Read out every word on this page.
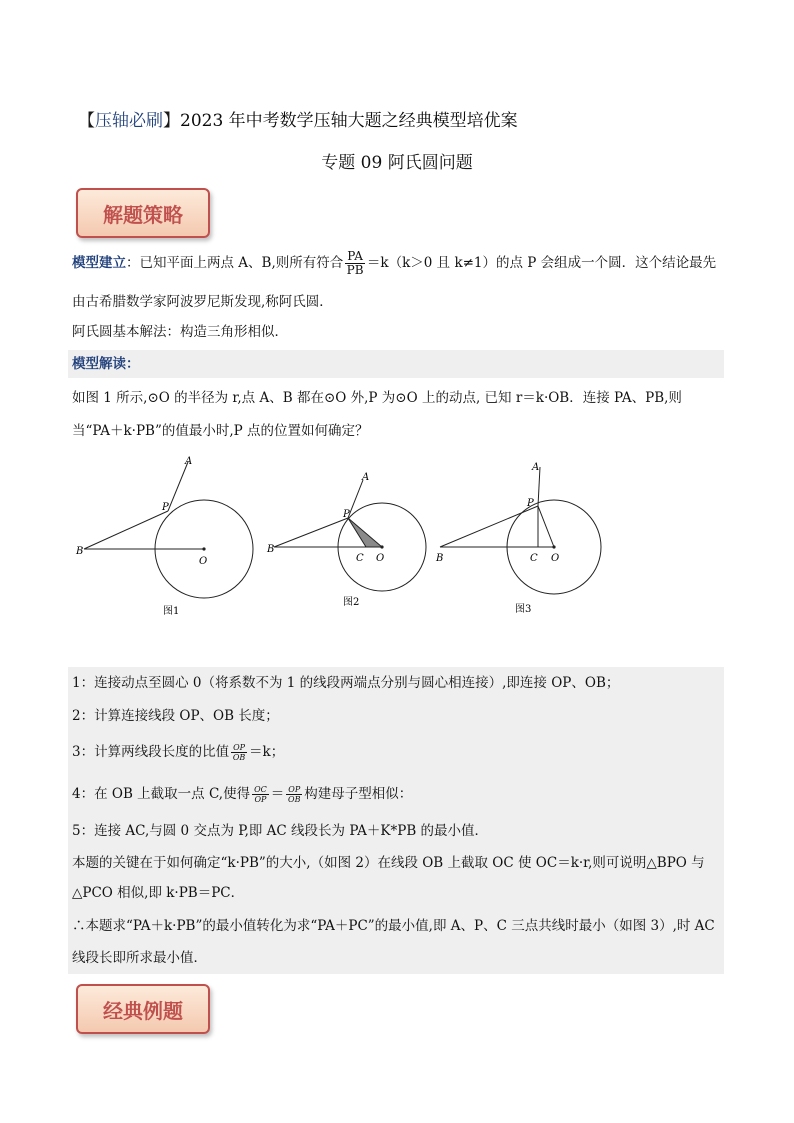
【压轴必刷】2023 年中考数学压轴大题之经典模型培优案
专题 09 阿氏圆问题
解题策略
模型建立：已知平面上两点 A、B,则所有符合 $\frac{PA}{PB} =k(k>0$ 且 k≠1）的点 P 会组成一个圆．这个结论最先
由古希腊数学家阿波罗尼斯发现,称阿氏圆．
阿氏圆基本解法：构造三角形相似．
模型解读：
如图 1 所示,⊙O 的半径为 r,点 A、B 都在⊙O 外,P 为⊙O 上的动点, 已知 r＝k·OB．连接 PA、PB,则
当“PA＋k·PB”的值最小时,P 点的位置如何确定？
A
P
B
O
图1
A
P
B
C O
图2
A
P
B	C O
图3
1：连接动点至圆心 0（将系数不为 1 的线段两端点分别与圆心相连接）,即连接 OP、OB；
2：计算连接线段 OP、OB 长度；
3：计算两线段长度的比值 $\frac{OP}{OB} =k$；
4：在 OB 上截取一点 C,使得 $\frac{OC}{OP} = \frac{OP}{OB}$ 构建母子型相似：
5：连接 AC,与圆 0 交点为 P,即 AC 线段长为 PA＋K*PB 的最小值．
本题的关键在于如何确定“k·PB”的大小,（如图 2）在线段 OB 上截取 OC 使 OC＝k·r,则可说明△BPO 与
△PCO 相似,即 k·PB＝PC．
∴本题求“PA＋k·PB”的最小值转化为求“PA＋PC”的最小值,即 A、P、C 三点共线时最小（如图 3）,时 AC
线段长即所求最小值．
经典例题
